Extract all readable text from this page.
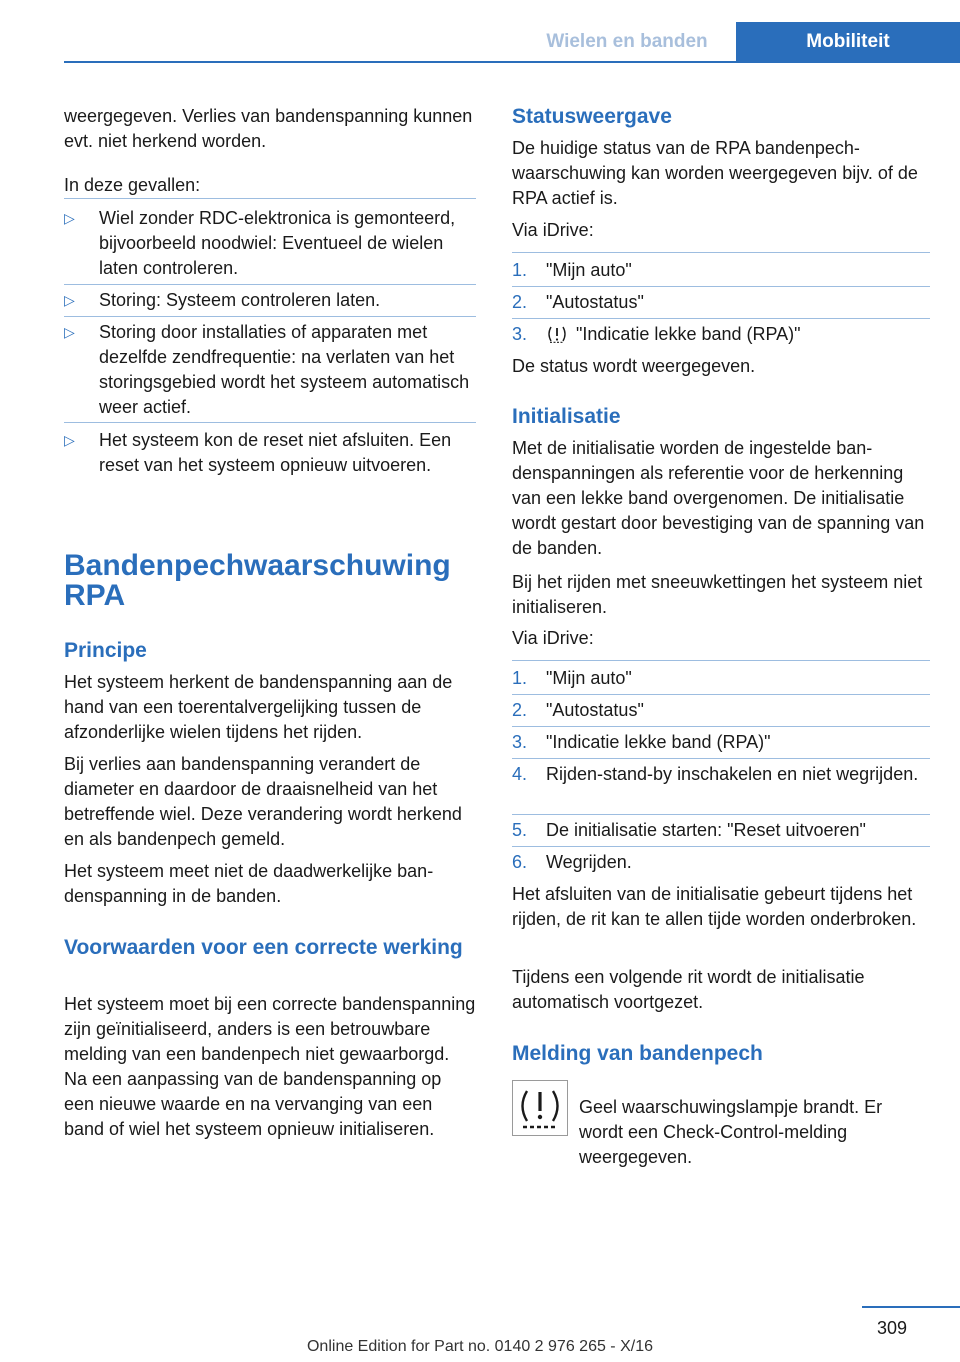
Wielen en banden	Mobiliteit

weergegeven. Verlies van bandenspanning kunnen evt. niet herkend worden.

In deze gevallen:

▷ Wiel zonder RDC-elektronica is gemonteerd, bijvoorbeeld noodwiel: Eventueel de wielen laten controleren.
▷ Storing: Systeem controleren laten.
▷ Storing door installaties of apparaten met dezelfde zendfrequentie: na verlaten van het storingsgebied wordt het systeem automatisch weer actief.
▷ Het systeem kon de reset niet afsluiten. Een reset van het systeem opnieuw uitvoeren.
Bandenpechwaarschuwing RPA
Principe

Het systeem herkent de bandenspanning aan de hand van een toerentalvergelijking tussen de afzonderlijke wielen tijdens het rijden.

Bij verlies aan bandenspanning verandert de diameter en daardoor de draaisnelheid van het betreffende wiel. Deze verandering wordt herkend en als bandenpech gemeld.

Het systeem meet niet de daadwerkelijke bandenspanning in de banden.

Voorwaarden voor een correcte werking

Het systeem moet bij een correcte bandenspanning zijn geïnitialiseerd, anders is een betrouwbare melding van een bandenpech niet gewaarborgd. Na een aanpassing van de bandenspanning op een nieuwe waarde en na vervanging van een band of wiel het systeem opnieuw initialiseren.

Statusweergave

De huidige status van de RPA bandenpechwaarschuwing kan worden weergegeven bijv. of de RPA actief is.

Via iDrive:

1. "Mijn auto"
2. "Autostatus"
3.	"Indicatie lekke band (RPA)"

De status wordt weergegeven.

Initialisatie

Met de initialisatie worden de ingestelde bandenspanningen als referentie voor de herkenning van een lekke band overgenomen. De initialisatie wordt gestart door bevestiging van de spanning van de banden.

Bij het rijden met sneeuwkettingen het systeem niet initialiseren.

Via iDrive:

1. "Mijn auto"
2. "Autostatus"
3. "Indicatie lekke band (RPA)"
4. Rijden-stand-by inschakelen en niet wegrijden.
5. De initialisatie starten: "Reset uitvoeren"
6. Wegrijden.

Het afsluiten van de initialisatie gebeurt tijdens het rijden, de rit kan te allen tijde worden onderbroken.

Tijdens een volgende rit wordt de initialisatie automatisch voortgezet.

Melding van bandenpech

Geel waarschuwingslampje brandt. Er wordt een Check-Control-melding weergegeven.

309
Online Edition for Part no. 0140 2 976 265 - X/16
